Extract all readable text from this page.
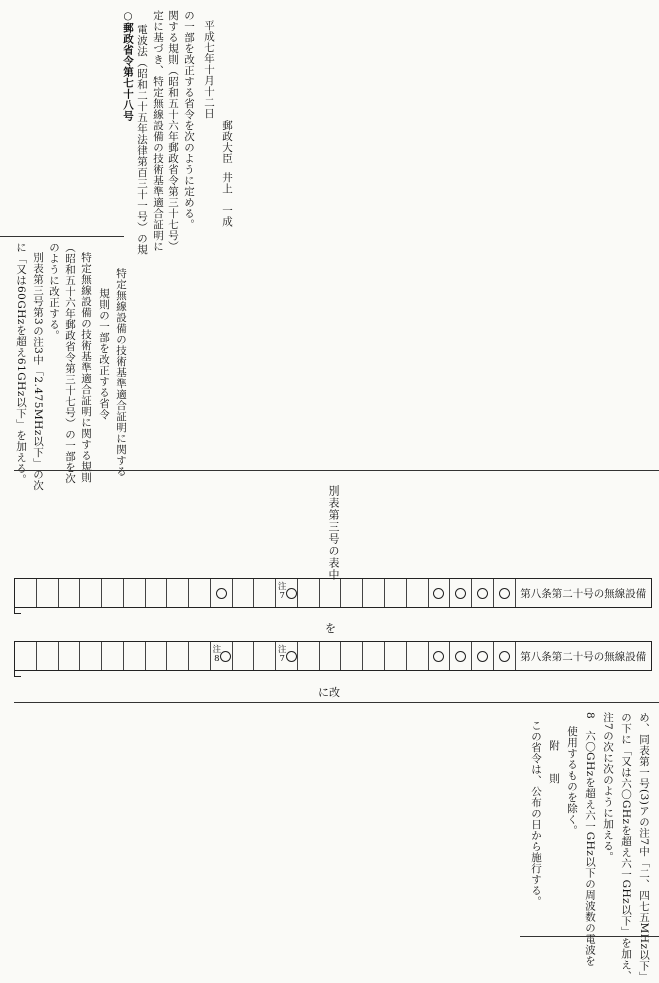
○郵政省令第七十八号 電波法（昭和二十五年法律第百三十一号）の規 定に基づき、特定無線設備の技術基準適合証明に 関する規則（昭和五十六年郵政省令第三十七号） の一部を改正する省令を次のように定める。 平成七年十月十二日
郵政大臣
井上　一成
特定無線設備の技術基準適合証明に関する
規則の一部を改正する省令
特定無線設備の技術基準適合証明に関する規則
（昭和五十六年郵政省令第三十七号）の一部を次
のように改正する。
別表第三号第3の注3中「2.475MHz以下」の次
に「又は60GHzを超え61GHz以下」を加える。
別表第三号の表中
注7	第八条第二十号の無線設備
を
注8
注7	第八条第二十号の無線設備
に改
め、同表第一号(3)アの注7中「二、四七五MHz以下」
の下に「又は六〇GHzを超え六一GHz以下」を加え、
注7の次に次のように加える。
8　六〇GHzを超え六一GHz以下の周波数の電波を
使用するものを除く。
附　則
この省令は、公布の日から施行する。
